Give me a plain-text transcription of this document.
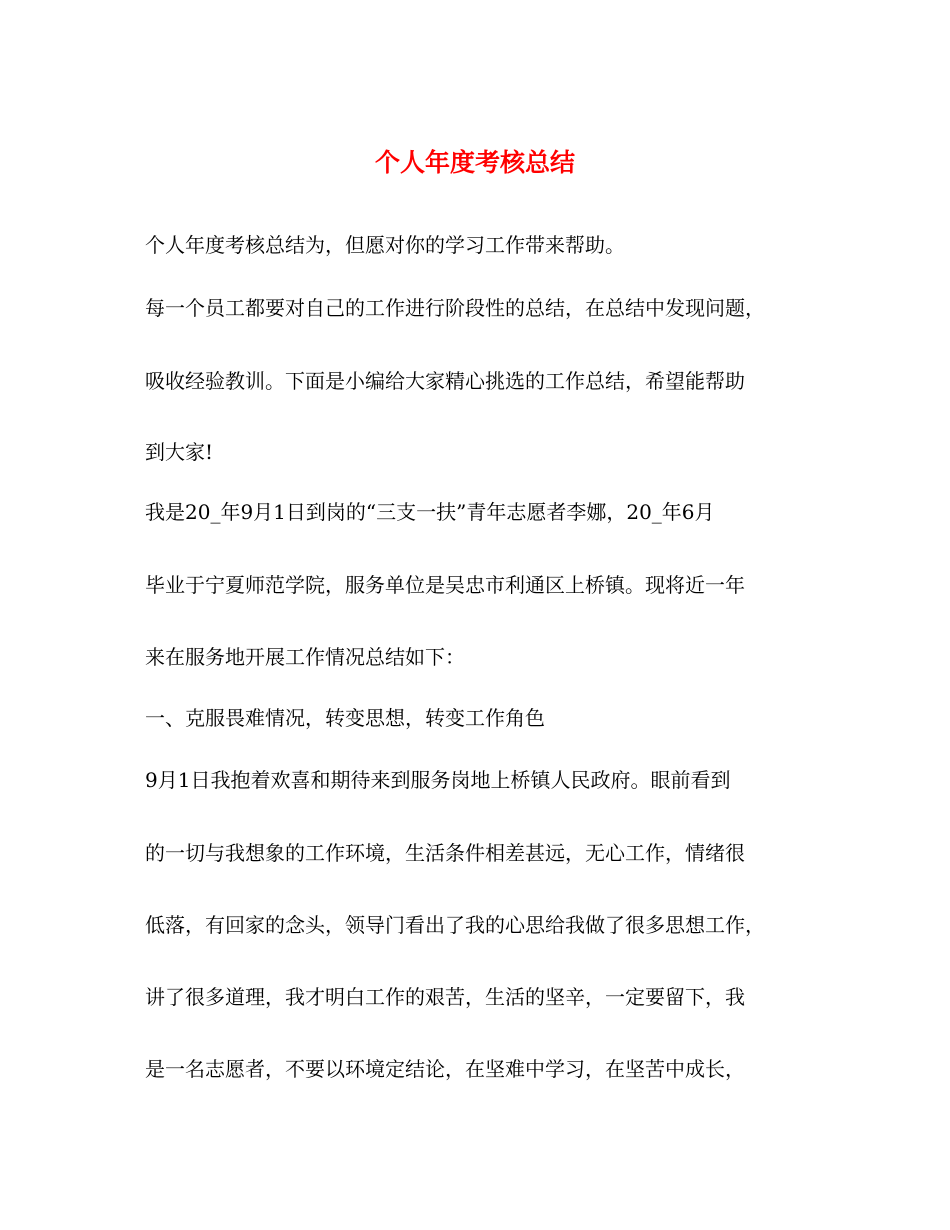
个人年度考核总结
个人年度考核总结为，但愿对你的学习工作带来帮助。
每一个员工都要对自己的工作进行阶段性的总结，在总结中发现问题，
吸收经验教训。下面是小编给大家精心挑选的工作总结，希望能帮助
到大家!
我是20_年9月1日到岗的“三支一扶”青年志愿者李娜，20_年6月
毕业于宁夏师范学院，服务单位是吴忠市利通区上桥镇。现将近一年
来在服务地开展工作情况总结如下：
一、克服畏难情况，转变思想，转变工作角色
9月1日我抱着欢喜和期待来到服务岗地上桥镇人民政府。眼前看到
的一切与我想象的工作环境，生活条件相差甚远，无心工作，情绪很
低落，有回家的念头，领导门看出了我的心思给我做了很多思想工作，
讲了很多道理，我才明白工作的艰苦，生活的坚辛，一定要留下，我
是一名志愿者，不要以环境定结论，在坚难中学习，在坚苦中成长，
